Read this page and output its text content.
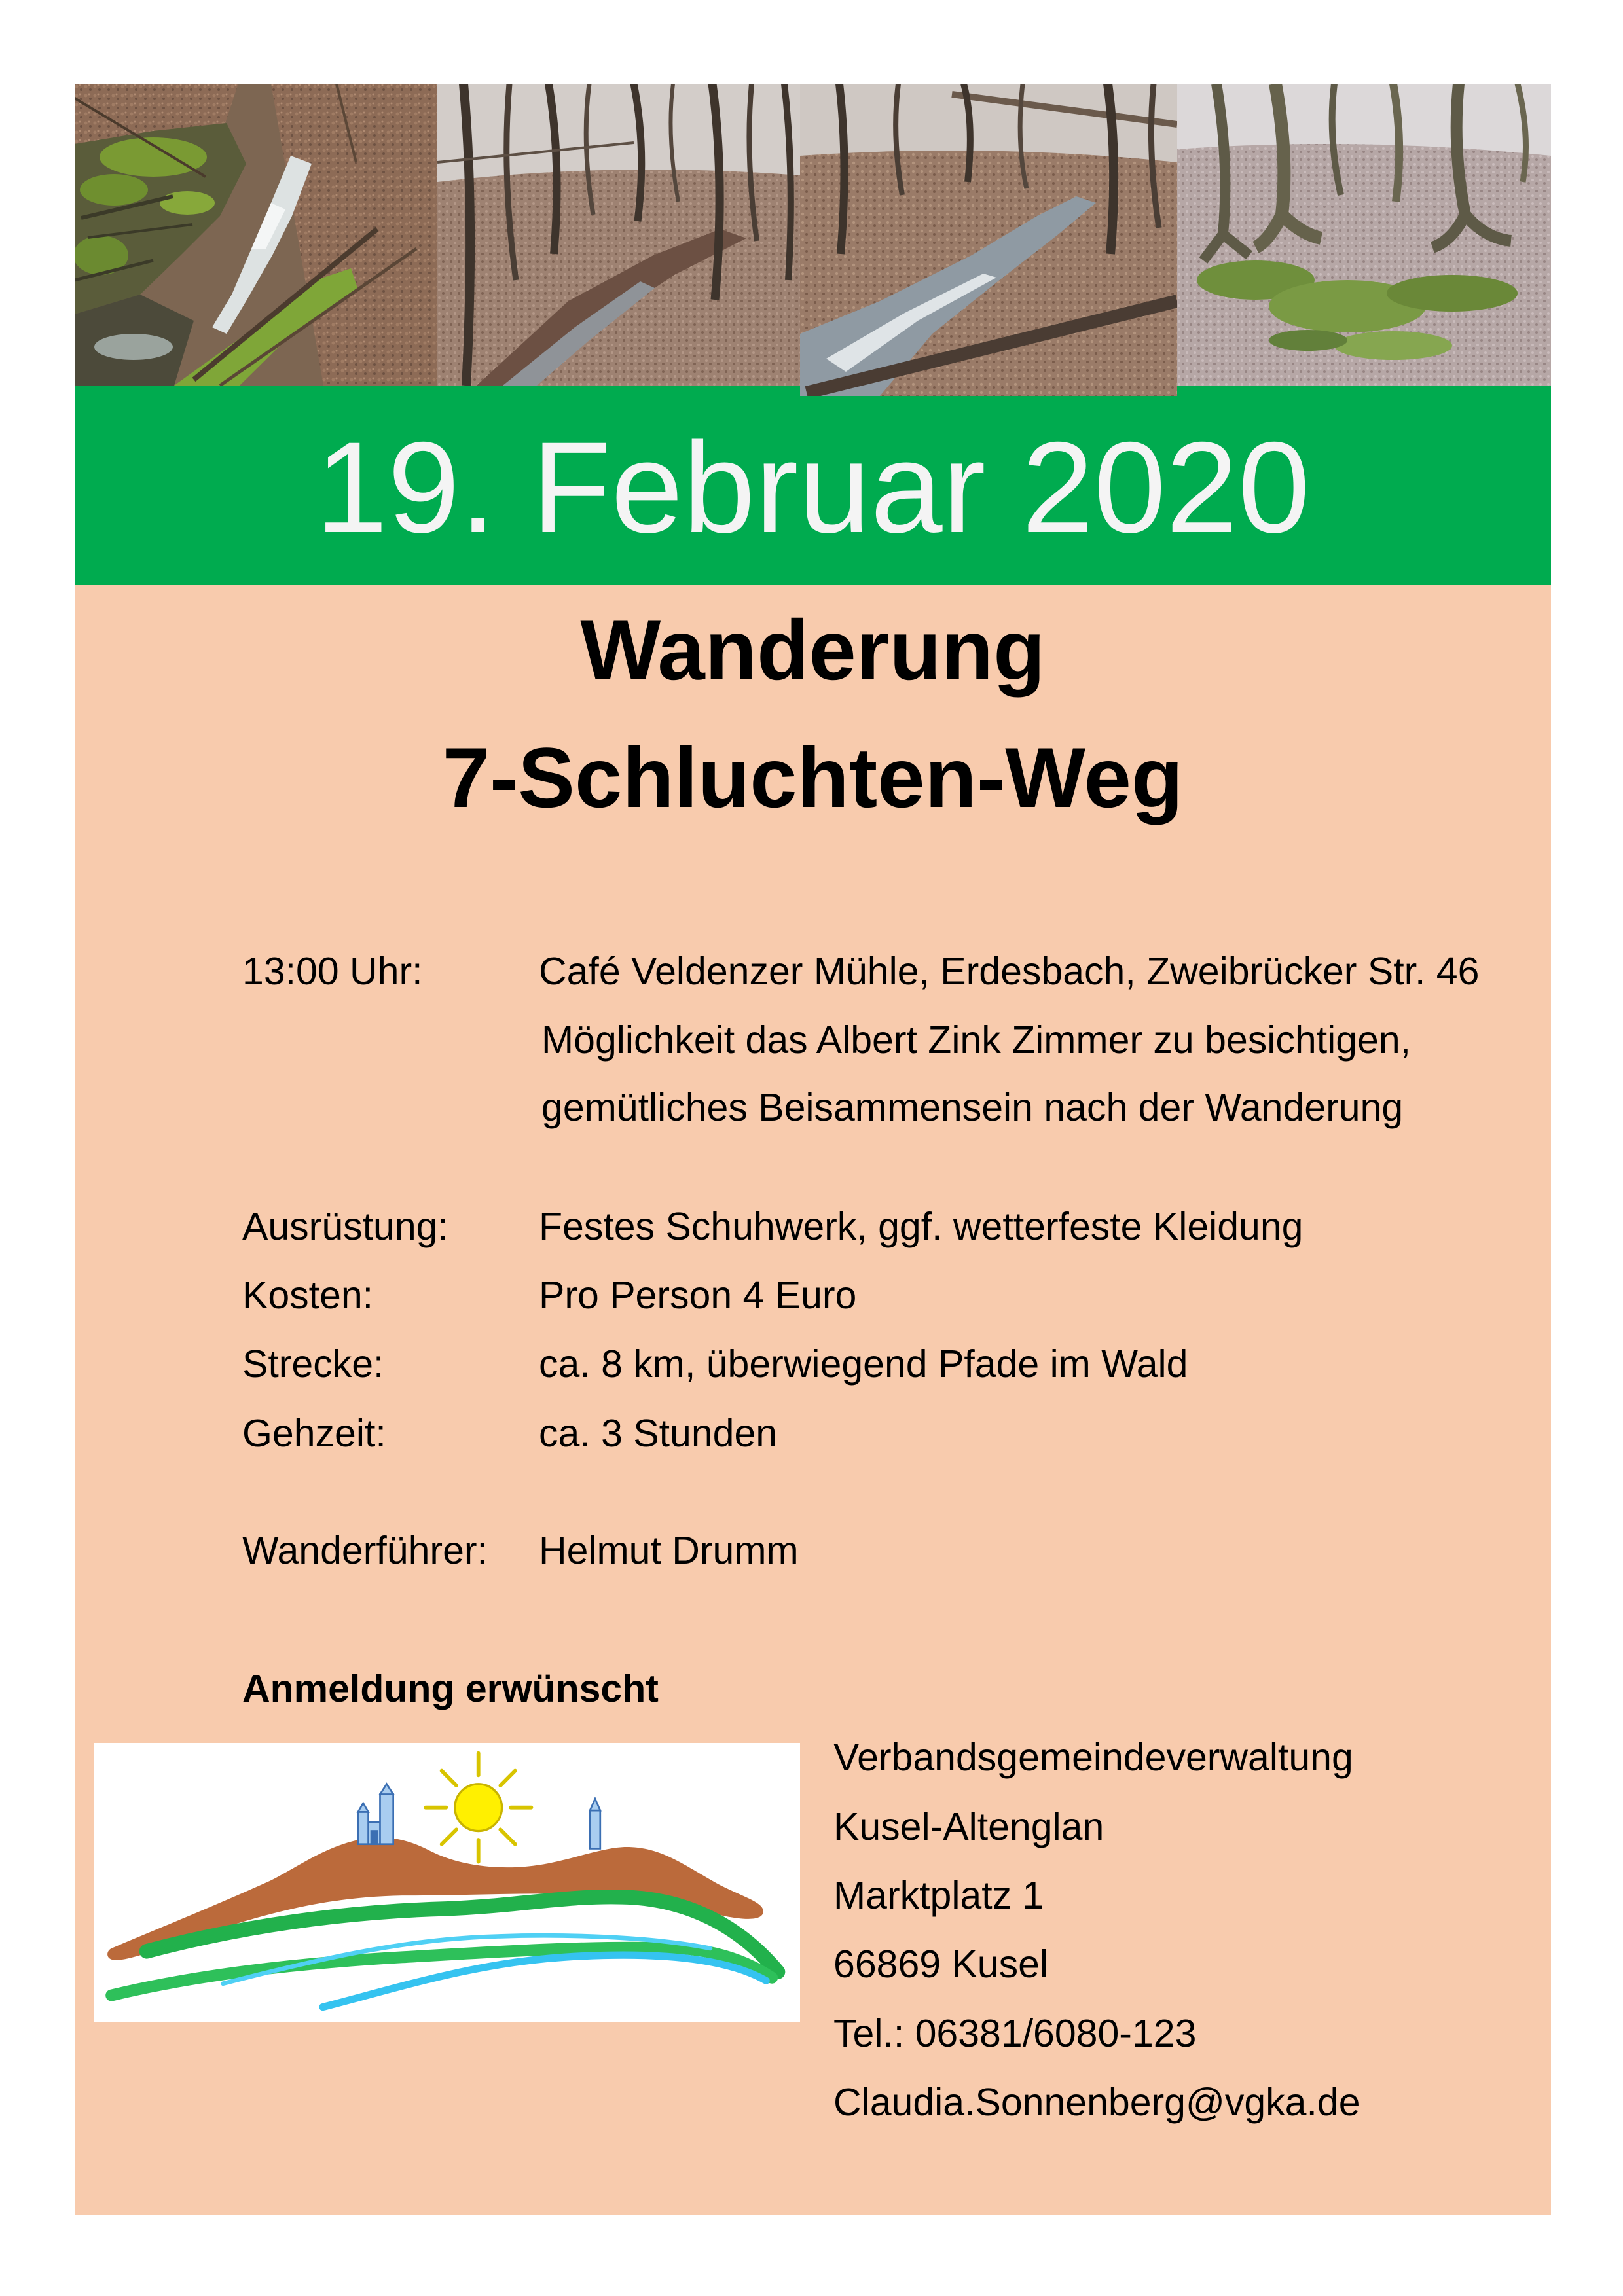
19. Februar 2020
Wanderung
7-Schluchten-Weg
13:00 Uhr:	Café Veldenzer Mühle, Erdesbach, Zweibrücker Str. 46
Möglichkeit das Albert Zink Zimmer zu besichtigen,
gemütliches Beisammensein nach der Wanderung
Ausrüstung: Festes Schuhwerk, ggf. wetterfeste Kleidung
Kosten:	Pro Person 4 Euro
Strecke:	ca. 8 km, überwiegend Pfade im Wald
Gehzeit:	ca. 3 Stunden
Wanderführer: Helmut Drumm
Anmeldung erwünscht
Verbandsgemeindeverwaltung
Kusel-Altenglan
Marktplatz 1
66869 Kusel
Tel.: 06381/6080-123
Claudia.Sonnenberg@vgka.de
